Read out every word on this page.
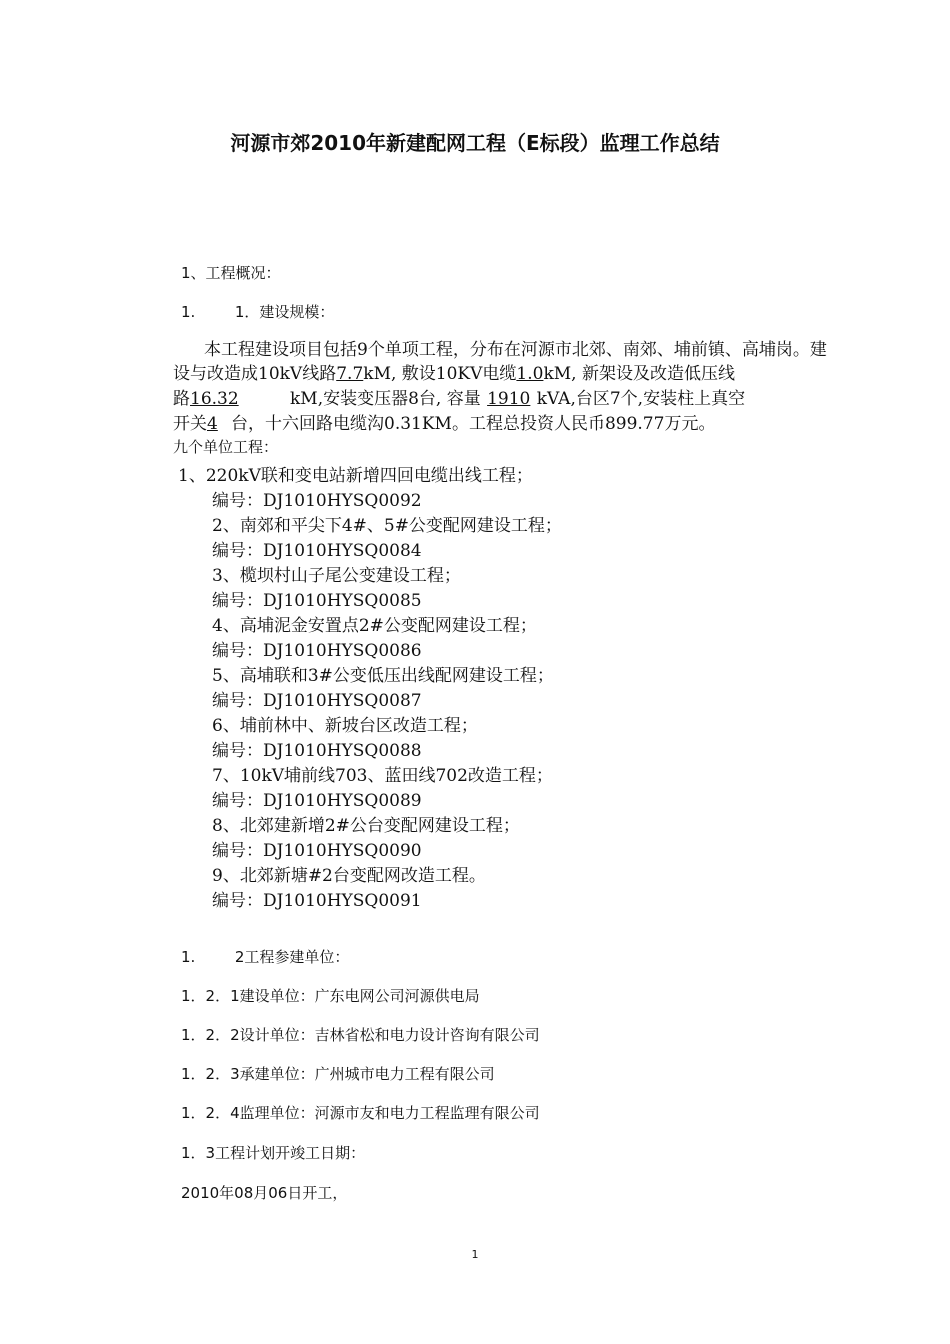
河源市郊2010年新建配网工程（E标段）监理工作总结
1、工程概况：
1.	1．建设规模：
本工程建设项目包括9个单项工程，分布在河源市北郊、南郊、埔前镇、高埔岗。建
设与改造成10kV线路7.7kM, 敷设10KV电缆1.0kM, 新架设及改造低压线
路16.32	kM,安装变压器8台, 容量 1910 kVA,台区7个,安装柱上真空
开关4 台，十六回路电缆沟0.31KM。工程总投资人民币899.77万元。
九个单位工程：
1、220kV联和变电站新增四回电缆出线工程；
编号：DJ1010HYSQ0092
2、南郊和平尖下4#、5#公变配网建设工程；
编号：DJ1010HYSQ0084
3、榄坝村山子尾公变建设工程；
编号：DJ1010HYSQ0085
4、高埔泥金安置点2#公变配网建设工程；
编号：DJ1010HYSQ0086
5、高埔联和3#公变低压出线配网建设工程；
编号：DJ1010HYSQ0087
6、埔前林中、新坡台区改造工程；
编号：DJ1010HYSQ0088
7、10kV埔前线703、蓝田线702改造工程；
编号：DJ1010HYSQ0089
8、北郊建新增2#公台变配网建设工程；
编号：DJ1010HYSQ0090
9、北郊新塘#2台变配网改造工程。
编号：DJ1010HYSQ0091
1.	2工程参建单位：
1．2．1建设单位：广东电网公司河源供电局
1．2．2设计单位：吉林省松和电力设计咨询有限公司
1．2．3承建单位：广州城市电力工程有限公司
1．2．4监理单位：河源市友和电力工程监理有限公司
1．3工程计划开竣工日期：
2010年08月06日开工，
1
